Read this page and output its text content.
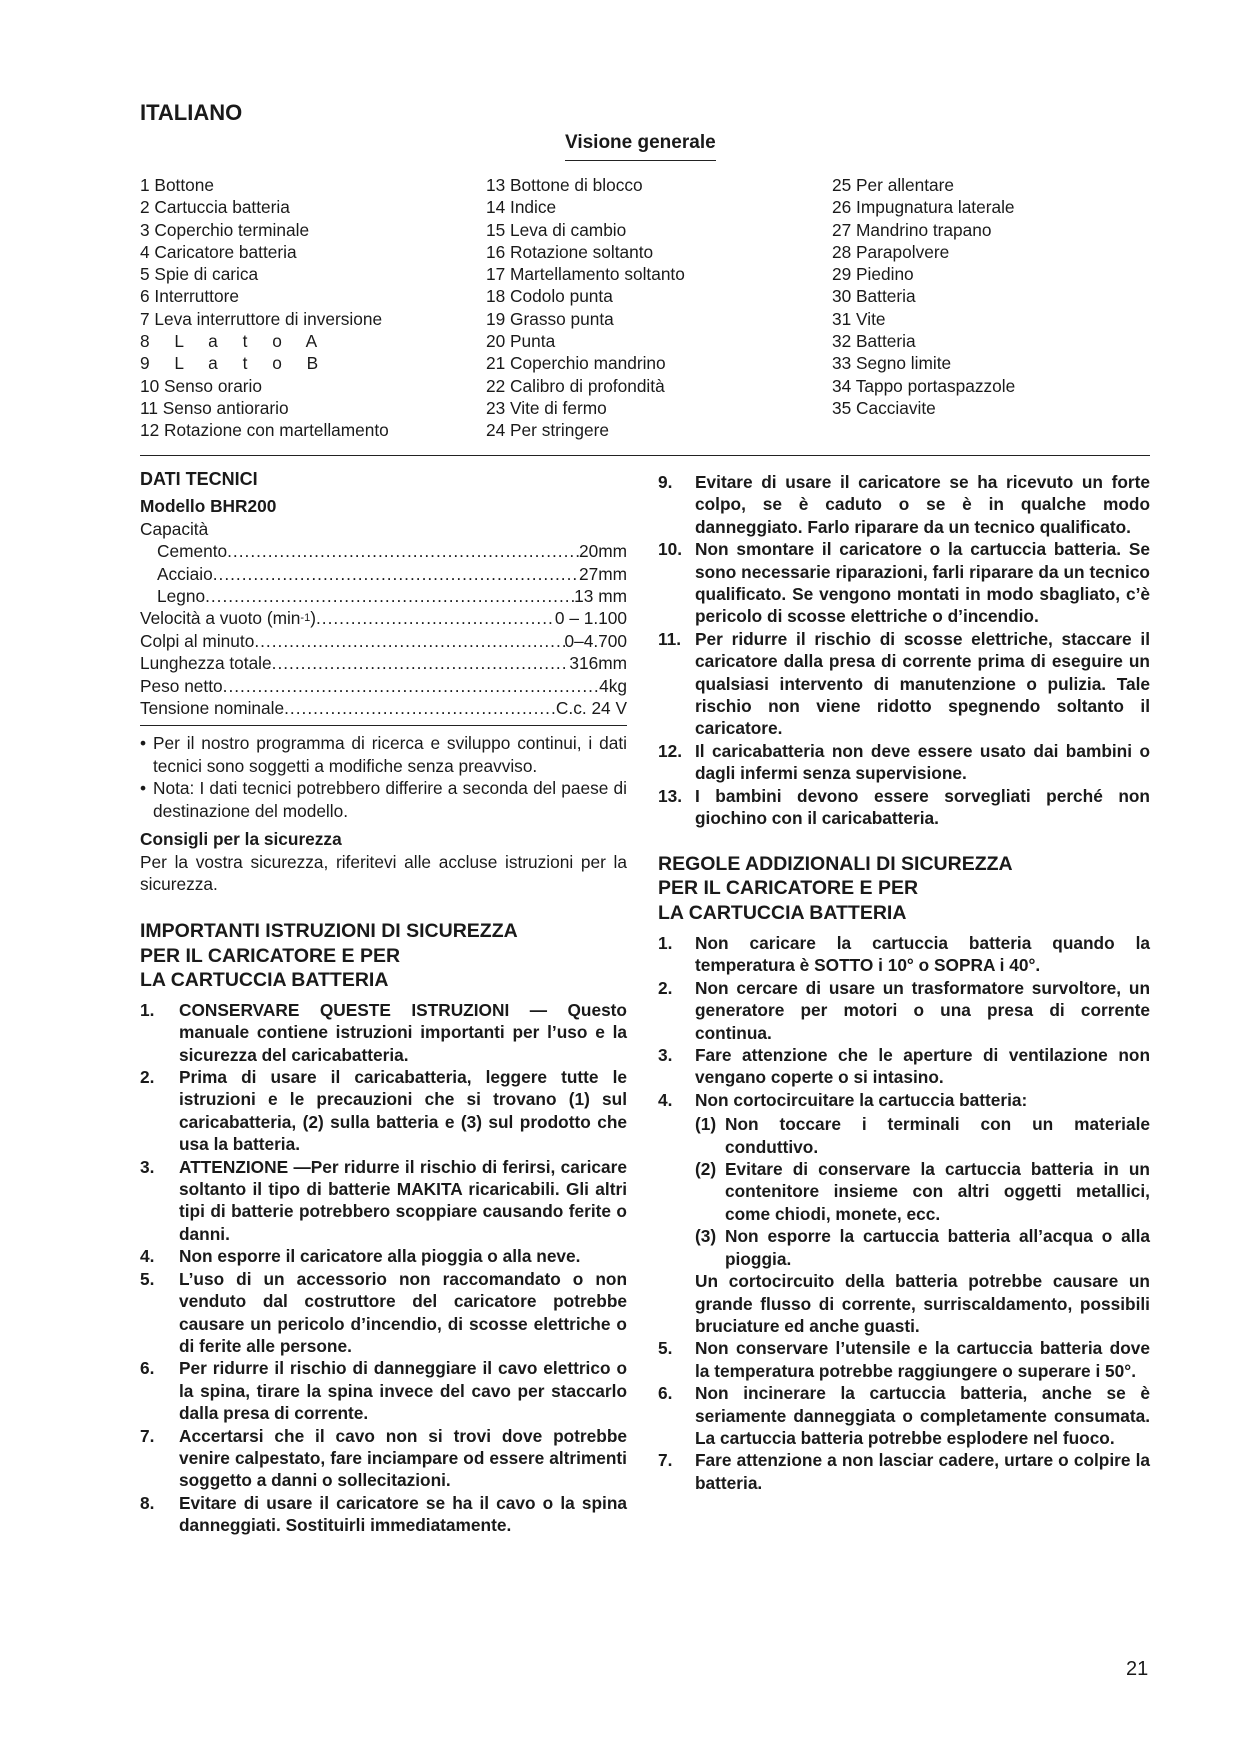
ITALIANO
Visione generale
1 Bottone
2 Cartuccia batteria
3 Coperchio terminale
4 Caricatore batteria
5 Spie di carica
6 Interruttore
7 Leva interruttore di inversione
8 L a t o A
9 L a t o B
10 Senso orario
11 Senso antiorario
12 Rotazione con martellamento
13 Bottone di blocco
14 Indice
15 Leva di cambio
16 Rotazione soltanto
17 Martellamento soltanto
18 Codolo punta
19 Grasso punta
20 Punta
21 Coperchio mandrino
22 Calibro di profondità
23 Vite di fermo
24 Per stringere
25 Per allentare
26 Impugnatura laterale
27 Mandrino trapano
28 Parapolvere
29 Piedino
30 Batteria
31 Vite
32 Batteria
33 Segno limite
34 Tappo portaspazzole
35 Cacciavite
DATI TECNICI
Modello BHR200
Capacità
Cemento .....	20mm
Acciaio .....	27mm
Legno .....	13 mm
Velocità a vuoto (min -1 ) .....	0 – 1.100
Colpi al minuto .....	0–4.700
Lunghezza totale .....	316mm
Peso netto .....	4kg
Tensione nominale .....	C.c. 24 V
• Per il nostro programma di ricerca e sviluppo continui, i dati tecnici sono soggetti a modifiche senza preavviso.
• Nota: I dati tecnici potrebbero differire a seconda del paese di destinazione del modello.
Consigli per la sicurezza
Per la vostra sicurezza, riferitevi alle accluse istruzioni per la sicurezza.
IMPORTANTI ISTRUZIONI DI SICUREZZA
PER IL CARICATORE E PER
LA CARTUCCIA BATTERIA
1. CONSERVARE QUESTE ISTRUZIONI — Questo manuale contiene istruzioni importanti per l’uso e la sicurezza del caricabatteria.
2. Prima di usare il caricabatteria, leggere tutte le istruzioni e le precauzioni che si trovano (1) sul caricabatteria, (2) sulla batteria e (3) sul prodotto che usa la batteria.
3. ATTENZIONE —Per ridurre il rischio di ferirsi, caricare soltanto il tipo di batterie MAKITA ricaricabili. Gli altri tipi di batterie potrebbero scoppiare causando ferite o danni.
4. Non esporre il caricatore alla pioggia o alla neve.
5. L’uso di un accessorio non raccomandato o non venduto dal costruttore del caricatore potrebbe causare un pericolo d’incendio, di scosse elettriche o di ferite alle persone.
6. Per ridurre il rischio di danneggiare il cavo elettrico o la spina, tirare la spina invece del cavo per staccarlo dalla presa di corrente.
7. Accertarsi che il cavo non si trovi dove potrebbe venire calpestato, fare inciampare od essere altrimenti soggetto a danni o sollecitazioni.
8. Evitare di usare il caricatore se ha il cavo o la spina danneggiati. Sostituirli immediatamente.
9. Evitare di usare il caricatore se ha ricevuto un forte colpo, se è caduto o se è in qualche modo danneggiato. Farlo riparare da un tecnico qualificato.
10. Non smontare il caricatore o la cartuccia batteria. Se sono necessarie riparazioni, farli riparare da un tecnico qualificato. Se vengono montati in modo sbagliato, c’è pericolo di scosse elettriche o d’incendio.
11. Per ridurre il rischio di scosse elettriche, staccare il caricatore dalla presa di corrente prima di eseguire un qualsiasi intervento di manutenzione o pulizia. Tale rischio non viene ridotto spegnendo soltanto il caricatore.
12. Il caricabatteria non deve essere usato dai bambini o dagli infermi senza supervisione.
13. I bambini devono essere sorvegliati perché non giochino con il caricabatteria.
REGOLE ADDIZIONALI DI SICUREZZA
PER IL CARICATORE E PER
LA CARTUCCIA BATTERIA
1. Non caricare la cartuccia batteria quando la temperatura è SOTTO i 10° o SOPRA i 40°.
2. Non cercare di usare un trasformatore survoltore, un generatore per motori o una presa di corrente continua.
3. Fare attenzione che le aperture di ventilazione non vengano coperte o si intasino.
4. Non cortocircuitare la cartuccia batteria:
(1) Non toccare i terminali con un materiale conduttivo.
(2) Evitare di conservare la cartuccia batteria in un contenitore insieme con altri oggetti metallici, come chiodi, monete, ecc.
(3) Non esporre la cartuccia batteria all’acqua o alla pioggia.
Un cortocircuito della batteria potrebbe causare un grande flusso di corrente, surriscaldamento, possibili bruciature ed anche guasti.
5. Non conservare l’utensile e la cartuccia batteria dove la temperatura potrebbe raggiungere o superare i 50°.
6. Non incinerare la cartuccia batteria, anche se è seriamente danneggiata o completamente consumata. La cartuccia batteria potrebbe esplodere nel fuoco.
7. Fare attenzione a non lasciar cadere, urtare o colpire la batteria.
21
